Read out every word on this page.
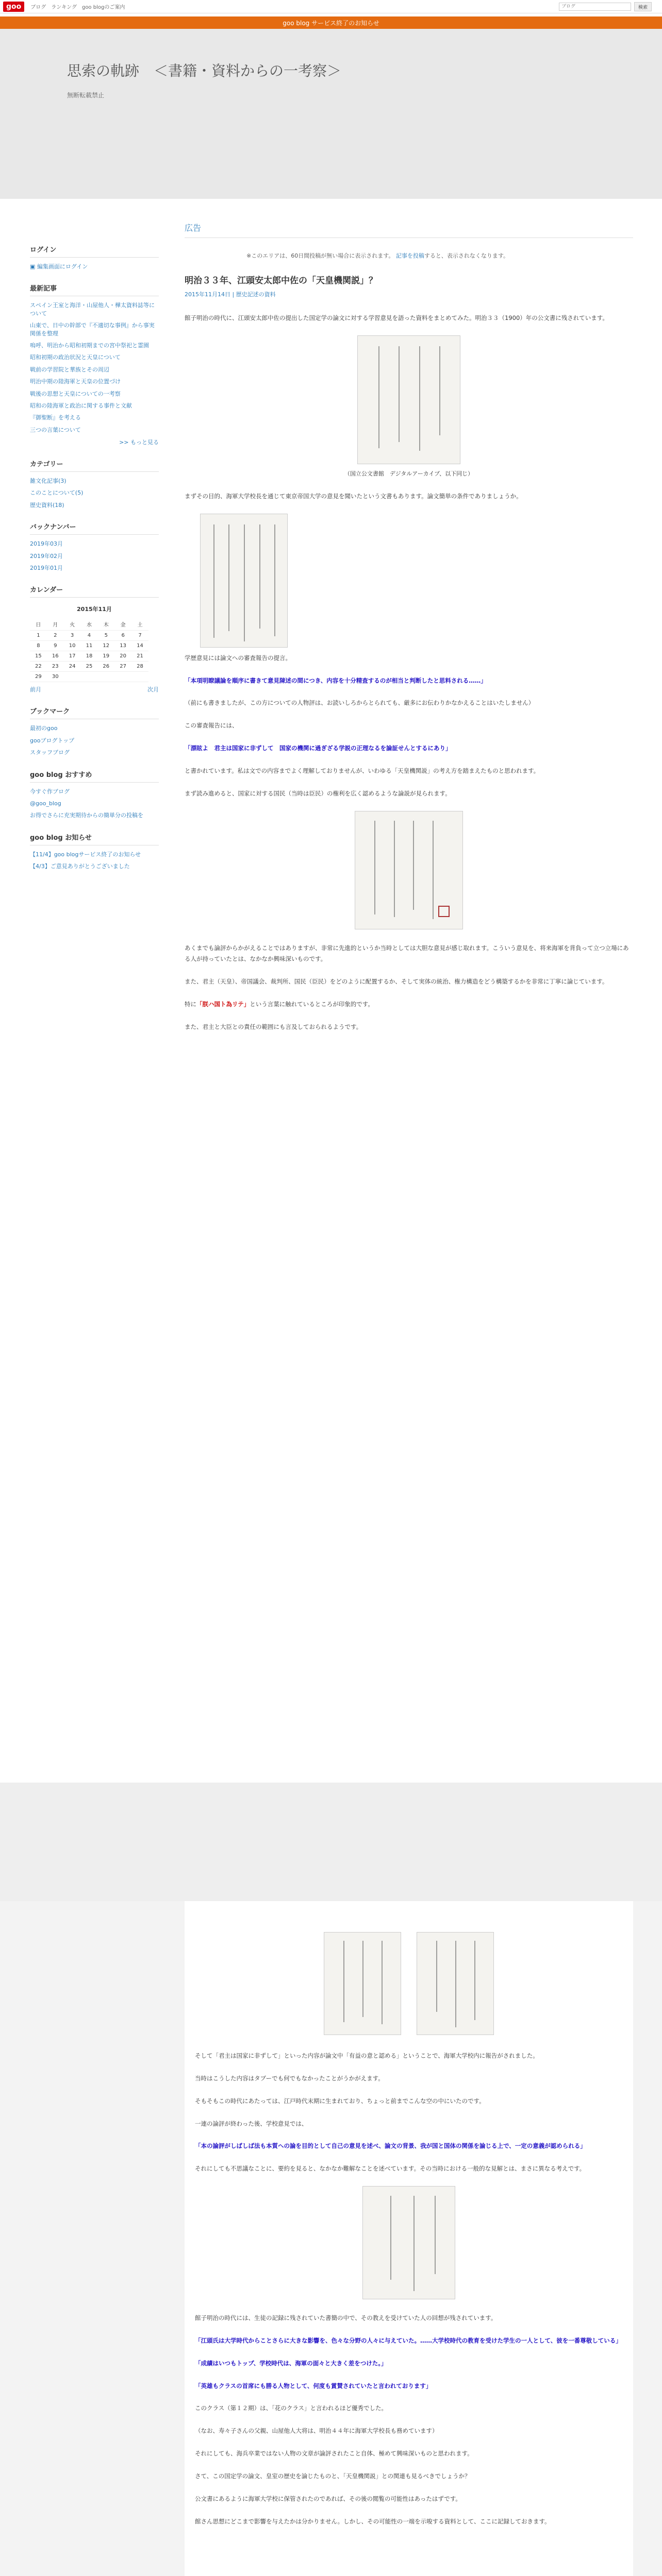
goo	ブログ ランキング goo blogのご案内
ブログ	検索
goo blog サービス終了のお知らせ
思索の軌跡　＜書籍・資料からの一考察＞
無断転載禁止
ログイン
▣ 編集画面にログイン
最新記事
スペイン王室と海洋・山屋他人・樺太資料誌等について
山東で、日中の幹部で『不適切な事例』から事実関係を整理
嗚呼、明治から昭和初期までの宮中祭祀と霊園
昭和初期の政治状況と天皇について
戦前の学習院と華族とその周辺
明治中期の陸海軍と天皇の位置づけ
戦後の思想と天皇についての一考察
昭和の陸海軍と政治に関する事件と文献
『御聖断』を考える
三つの言葉について
>> もっと見る
カテゴリー
雑文化記事(3)
このことについて(5)
歴史資料(18)
バックナンバー
2019年03月
2019年02月
2019年01月
カレンダー
2015年11月
日	月	火	水	木	金	土
1	2	3	4	5	6	7
8	9	10	11	12	13	14
15	16	17	18	19	20	21
22	23	24	25	26	27	28
29	30					
前月	次月
ブックマーク
最初のgoo
gooブログトップ
スタッフブログ
goo blog おすすめ
今すぐ作ブログ
@goo_blog
お得でさらに充実期待からの簡単分の投稿を
goo blog お知らせ
【11/4】goo blogサービス終了のお知らせ
【4/3】ご意見ありがとうございました
広告
※このエリアは、60日間投稿が無い場合に表示されます。 記事を投稿すると、表示されなくなります。
明治３３年、江頭安太郎中佐の「天皇機関説」？
2015年11月14日 | 歴史記述の資料

館子明治の時代に、江頭安太郎中佐の提出した国定学の論文に対する学習意見を語った資料をまとめてみた。明治３３（1900）年の公文書に残されています。

（国立公文書館　デジタルアーカイブ、以下同じ）

まずその目的、海軍大学校長を通じて東京帝国大学の意見を聞いたという文書もあります。論文簡単の条件でありましょうか。

学歴意見には論文への審査報告の提言。

「本項明瞭議論を順序に書きて意見陳述の間につき、内容を十分精査するのが相当と判断したと思料される……」

（前にも書きましたが、この方についての人物評は、お読いしろからとられても、厳多にお伝わりかなかえることはいたしません）

この審査報告には、

「漂眩よ　君主は国家に非ずして　国家の機関に過ぎざる学説の正理なるを論証せんとするにあり」

と書かれています。私は文での内容までよく理解しておりませんが、いわゆる「天皇機関説」の考え方を踏まえたものと思われます。

まず読み進めると、国家に対する国民（当時は臣民）の権利を広く認めるような論説が見られます。

あくまでも論評からかがえることではありますが、非常に先進的というか当時としては大胆な意見が感じ取れます。こういう意見を、将来海軍を背負って立つ立場にある人が持っていたとは、なかなか興味深いものです。

また、君主（天皇）、帝国議会、裁判所、国民（臣民）をどのように配置するか、そして実体の統治、権力構造をどう構築するかを非常に丁寧に論じています。

特に「朕ハ国ト為リテ」という言葉に触れているところが印象的です。

また、君主と大臣との責任の範囲にも言及しておられるようです。

そして「君主は国家に非ずして」といった内容が論文中「有益の意と認める」ということで、海軍大学校内に報告がされました。

当時はこうした内容はタブーでも何でもなかったことがうかがえます。

そもそもこの時代にあたっては、江戸時代末期に生まれており、ちょっと前までこんな空の中にいたのです。

一連の論評が終わった後、学校意見では、

「本の論評がしばしば法も本質への論を目的として自己の意見を述べ、論文の背景、我が国と国体の関係を論じる上で、一定の意義が認められる」

それにしても不思議なことに、要約を見ると、なかなか難解なことを述べています。その当時における一般的な見解とは、まさに異なる考えです。

館子明治の時代には、生徒の記録に残されていた書簡の中で、その教えを受けていた人の回想が残されています。

「江頭氏は大学時代からことさらに大きな影響を、色々な分野の人々に与えていた。……大学校時代の教育を受けた学生の一人として、彼を一番尊敬している」

「成績はいつもトップ、学校時代は、海軍の面々と大きく差をつけた。」

「英雄もクラスの首席にも勝る人物として、何度も賞賛されていたと言われております」

このクラス（第１２期）は、「花のクラス」と言われるほど優秀でした。

（なお、寿々子さんの父親、山屋他人大将は、明治４４年に海軍大学校長も務めています）

それにしても、海兵卒業ではない人物の文章が論評されたこと自体、極めて興味深いものと思われます。

さて、この国定学の論文、皇室の歴史を論じたものと、「天皇機関説」との関連も見るべきでしょうか？

公文書にあるように海軍大学校に保管されたのであれば、その後の閲覧の可能性はあったはずです。

館さん思想にどこまで影響を与えたかは分かりません。しかし、その可能性の一端を示唆する資料として、ここに記録しておきます。
